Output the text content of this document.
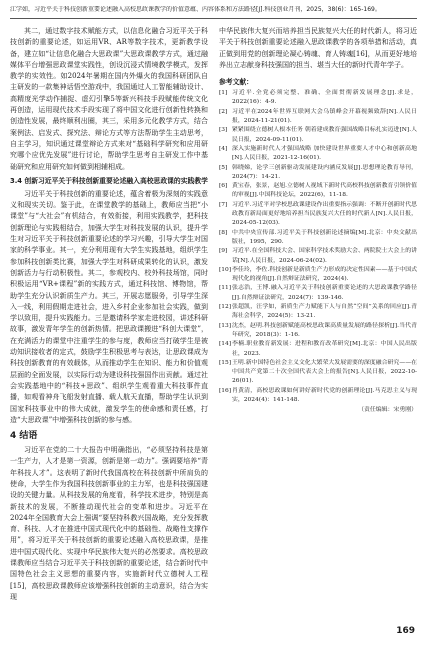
江学如，习近平关于科技创新重要论述融入高校思政课教学的价值意蕴、内容体系和方法路径[J].科技创业月刊，2025，38(6)：165-169。

其二，通过数字技术赋能方式，以信息化融合习近平关于科技创新的重要论述，如运用VR、AR等数字技术，更新教学设备，建立如“让信息化融合大思政课”大思政课教学方式，通过融媒体平台增强思政课堂实践性，创设沉浸式情境教学模式，发挥教学的实效性。如2024年暑期在国内外爆火的我国科研团队自主研发的一款集神话悟空游戏中，我国通过人工智能辅助设计、高精度光学动作捕捉、虚幻引擎5等新兴科技手段赋能传统文化再创造，运用现代技术手段实现了将中国文化进行创新性转换和创造性发展，最终顺利出圈，其三，采用多元化教学方式，结合案例法、启发式、探究法、辩论方式等方法帮助学生主动思考，自主学习，知识通过课堂辩论方式来对“基础科学研究和应用研究哪个应优先发展”进行讨论，帮助学生思考自主研发工作中基础研究和应用研究如何做到相辅相成。

3.4 创新习近平关于科技创新重要论述融入高校思政课的实践教学

习近平关于科技创新的重要论述，蕴含着极为深刻的实践意义和现实关切。鉴于此，在课堂教学的基础上，教师应当把“小课堂”与“大社会”有机结合，有效衔接，利用实践教学，把科技创新理论与实践相结合，加强大学生对科技发展的认识，提升学生对习近平关于科技创新重要论述的学习兴趣，引导大学生对国家的科学事业。其一，充分利用现有大学生实践基地，组织学生参加科技创新类比赛，加强大学生对科研成果转化的认识，激发创新活力与行动积极性。其二，参观校内、校外科技场馆，同时积极运用“VR+课程”新的实践方式，通过科技馆、博物馆，帮助学生充分认识新质生产力。其三，开展志愿服务，引导学生深入一线，利用假期走进社会，进入乡村企业参加社会实践，做到学以致用，提升实践能力。三是邀请科学家走进校园，讲述科研故事，激发青年学生的创新热情。把思政课搬进“科创大课堂”，在充满活力的课堂中注重学生的参与度，教师应当打破学生是被动知识接收者的定式，鼓励学生积极思考与表达，让思政课成为科技创新教育的有效载体，从而推动学生在知识、能力和价值观层面的全面发展，以实际行动为建设科技强国作出贡献。通过社会实践基地中的“科技+思政”、组织学生观看重大科技事件直播，如观看神舟飞船发射直播、载人航天直播，帮助学生认识到国家科技事业中的伟大成就，激发学生的使命感和责任感，打造“大思政课”中增强科技创新的参与感。

4 结语

习近平在党的二十大报告中明确指出，“必须坚持科技是第一生产力，人才是第一资源，创新是第一动力”。强调要培养“青年科技人才”。这表明了新时代我国高校在科技创新中所肩负的使命，大学生作为我国科技创新事业的主力军，也是科技强国建设的关键力量。从科技发展的角度看，科学技术进步，特别是高新技术的发展，不断推动现代社会的变革和进步。习近平在2024年全国教育大会上强调“要坚持科教兴国战略，充分发挥教育、科技、人才在推进中国式现代化中的基础性、战略性支撑作用”，将习近平关于科技创新的重要论述融入高校思政课，是推进中国式现代化、实现中华民族伟大复兴的必然要求。高校思政课教师应当结合习近平关于科技创新的重要论述，结合新时代中国特色社会主义思想的重要内容，实施新时代立德树人工程[15]，高校思政课教师应该增强科技创新的主动意识，结合为实现

中华民族伟大复兴而培养担当民族复兴大任的时代新人，将习近平关于科技创新重要论述融入思政课教学的各项举措和活动，真正做到用党的创新理论凝心铸魂、育人铸魂[16]，从而更好地培养出立志献身科技强国的担当、堪当大任的新时代青年学子。

参考文献：
[1] 习近平.全党必须完整、准确、全面贯彻新发展理念[J].求是，2022(16)：4-9.
[2] 习近平在2024年世界互联网大会乌镇峰会开幕视频致辞[N].人民日报，2024-11-21(01).
[3] 紧紧围绕立德树人根本任务 朝着建成教育强国战略目标扎实迈进[N].人民日报，2024-09-11(01).
[4] 深入实施新时代人才强国战略 加快建设世界重要人才中心和创新高地[N].人民日报，2021-12-16(01).
[5] 韩晓娣，论学三创新驱动发展建设内涵反发展[J].思想理论教育导刊，2024(7)：14-21.
[6] 黄宝春，张景，赵旭.立德树人视域下新时代高校科技创新教育引领价值的审视[J].中国科技论坛，2022(6)，11-18.
[7] 习近平.习近平对学校思政课建设作出重要指示强调：不断开创新时代思政教育新局面更好地培养担当民族复兴大任的时代新人[N].人民日报，2024-05-12(03).
[8] 中共中央宣传部.习近平关于科技创新论述摘编[M].北京：中央文献出版社，1995，290.
[9] 习近平.在全国科技大会、国家科学技术奖励大会、两院院士大会上的讲话[N].人民日报，2024-06-24(02).
[10] 李佳玲，李佐.科技创新是新质生产力形成的决定性因素——基于中国式现代化的视角[J].自然辩证法研究，2024(4).
[11] 张志浩，王博.融入习近平关于科技创新重要论述的大思政课教学路径[J].自然辩证法研究，2024(7)：139-146.
[12] 张超凯，汪学如，新质生产力赋能下人与自然“空间”关系的回应[J].青海社会科学，2024(5)：13-21.
[13] 沈杰，赵明.科技创新赋能高校思政课高质量发展的路径探析[J].当代青年研究，2018(3)：1-16.
[14] 李楠.职业教育新发展：进程和教育改革研究[M].北京：中国人民出版社，2023.
[15] 王明.新中国特色社会主义文化大繁荣大发展需要的深度融合研究——在中国共产党第二十次全国代表大会上的报告[N].人民日报，2022-10-26(01).
[16] 肖黄清，高校思政课如何讲好新时代党的创新理论[J].马克思主义与现实，2024(4)：141-148.
（责任编辑：宋勇刚）
169
